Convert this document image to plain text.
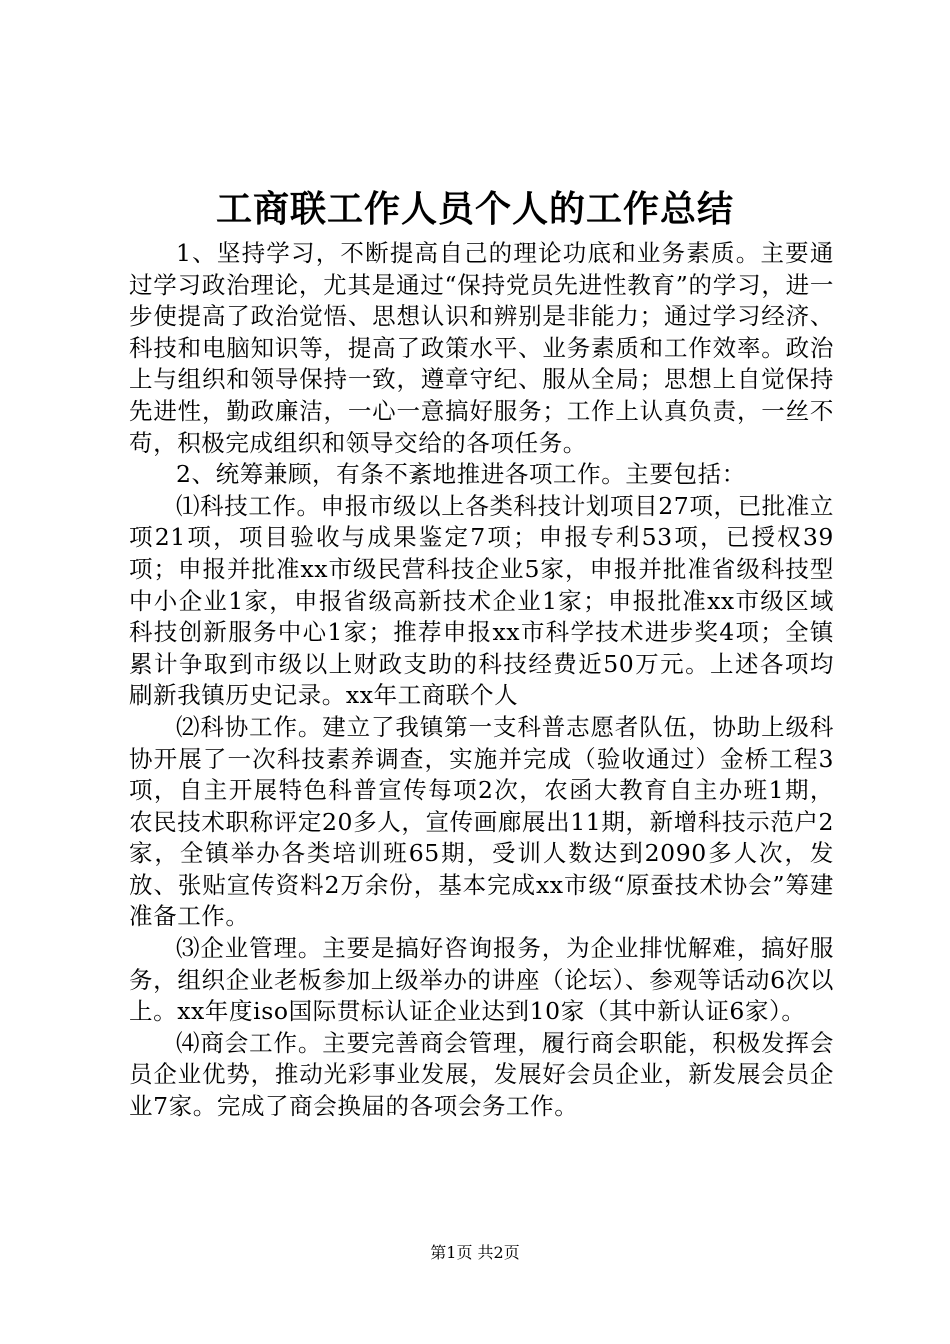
工商联工作人员个人的工作总结

1、坚持学习，不断提高自己的理论功底和业务素质。主要通过学习政治理论，尤其是通过“保持党员先进性教育”的学习，进一步使提高了政治觉悟、思想认识和辨别是非能力；通过学习经济、科技和电脑知识等，提高了政策水平、业务素质和工作效率。政治上与组织和领导保持一致，遵章守纪、服从全局；思想上自觉保持先进性，勤政廉洁，一心一意搞好服务；工作上认真负责，一丝不苟，积极完成组织和领导交给的各项任务。

2、统筹兼顾，有条不紊地推进各项工作。主要包括：

⑴科技工作。申报市级以上各类科技计划项目27项，已批准立项21项，项目验收与成果鉴定7项；申报专利53项，已授权39项；申报并批准xx市级民营科技企业5家，申报并批准省级科技型中小企业1家，申报省级高新技术企业1家；申报批准xx市级区域科技创新服务中心1家；推荐申报xx市科学技术进步奖4项；全镇累计争取到市级以上财政支助的科技经费近50万元。上述各项均刷新我镇历史记录。xx年工商联个人

⑵科协工作。建立了我镇第一支科普志愿者队伍，协助上级科协开展了一次科技素养调查，实施并完成（验收通过）金桥工程3项，自主开展特色科普宣传每项2次，农函大教育自主办班1期，农民技术职称评定20多人，宣传画廊展出11期，新增科技示范户2家，全镇举办各类培训班65期，受训人数达到2090多人次，发放、张贴宣传资料2万余份，基本完成xx市级“原蚕技术协会”筹建准备工作。

⑶企业管理。主要是搞好咨询报务，为企业排忧解难，搞好服务，组织企业老板参加上级举办的讲座（论坛）、参观等话动6次以上。xx年度iso国际贯标认证企业达到10家（其中新认证6家）。

⑷商会工作。主要完善商会管理，履行商会职能，积极发挥会员企业优势，推动光彩事业发展，发展好会员企业，新发展会员企业7家。完成了商会换届的各项会务工作。

第1页 共2页
